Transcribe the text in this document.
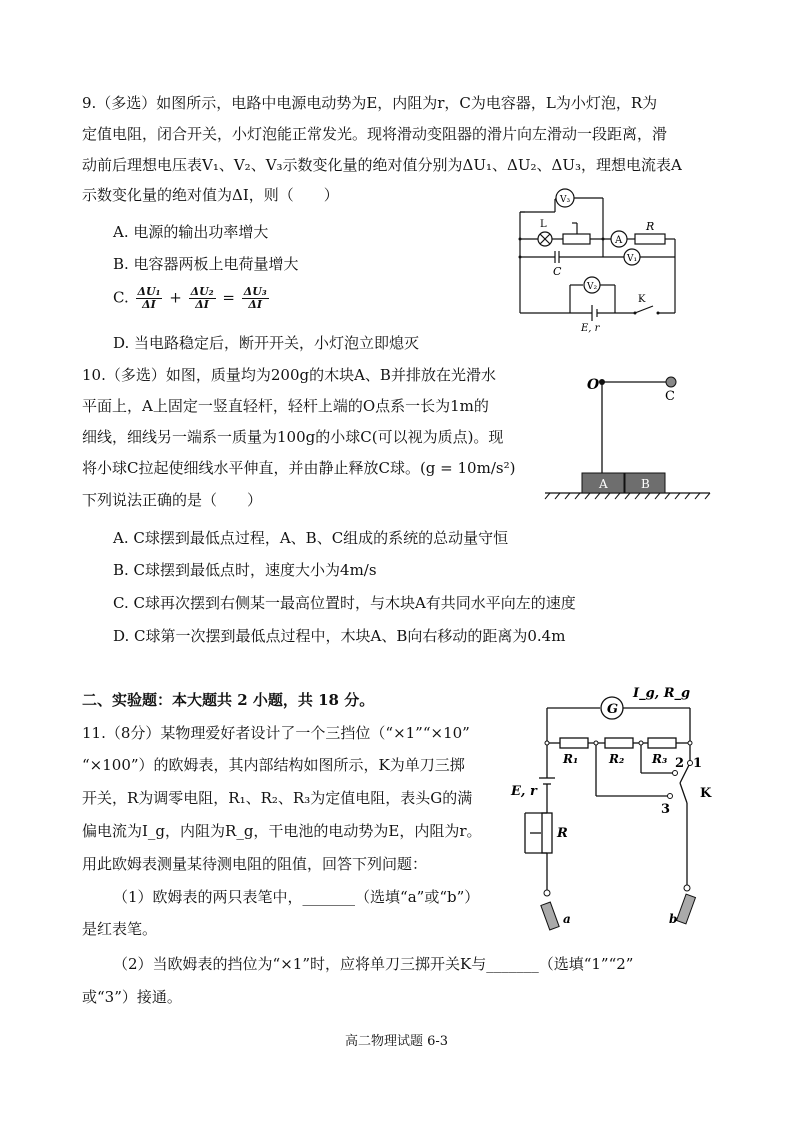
9.（多选）如图所示，电路中电源电动势为E，内阻为r，C为电容器，L为小灯泡，R为
定值电阻，闭合开关，小灯泡能正常发光。现将滑动变阻器的滑片向左滑动一段距离，滑
动前后理想电压表V₁、V₂、V₃示数变化量的绝对值分别为ΔU₁、ΔU₂、ΔU₃，理想电流表A
示数变化量的绝对值为ΔI，则（　　）
A. 电源的输出功率增大
B. 电容器两板上电荷量增大
C. $\frac{\text{ΔU₁}}{\Delta I} + \frac{\text{ΔU₂}}{\Delta I} = \frac{\text{ΔU₃}}{\Delta I}$
D. 当电路稳定后，断开开关，小灯泡立即熄灭
V₃
L
A
R
V₁
C
V₂
K
E, r
10.（多选）如图，质量均为200g的木块A、B并排放在光滑水
平面上，A上固定一竖直轻杆，轻杆上端的O点系一长为1m的
细线，细线另一端系一质量为100g的小球C(可以视为质点)。现
将小球C拉起使细线水平伸直，并由静止释放C球。(g = 10m/s²)
下列说法正确的是（　　）
A. C球摆到最低点过程，A、B、C组成的系统的总动量守恒
B. C球摆到最低点时，速度大小为4m/s
C. C球再次摆到右侧某一最高位置时，与木块A有共同水平向左的速度
D. C球第一次摆到最低点过程中，木块A、B向右移动的距离为0.4m
O
C
A	B
二、实验题：本大题共 2 小题，共 18 分。
11.（8分）某物理爱好者设计了一个三挡位（“×1”“×10”
“×100”）的欧姆表，其内部结构如图所示，K为单刀三掷
开关，R为调零电阻，R₁、R₂、R₃为定值电阻，表头G的满
偏电流为I_g，内阻为R_g，干电池的电动势为E，内阻为r。
用此欧姆表测量某待测电阻的阻值，回答下列问题：
（1）欧姆表的两只表笔中，_______（选填“a”或“b”）
是红表笔。
（2）当欧姆表的挡位为“×1”时，应将单刀三掷开关K与_______（选填“1”“2”
或“3”）接通。
G
I_g, R_g
R₁	R₂ R₃ 1
2
3
K
E, r
R
a	b
高二物理试题 6-3
